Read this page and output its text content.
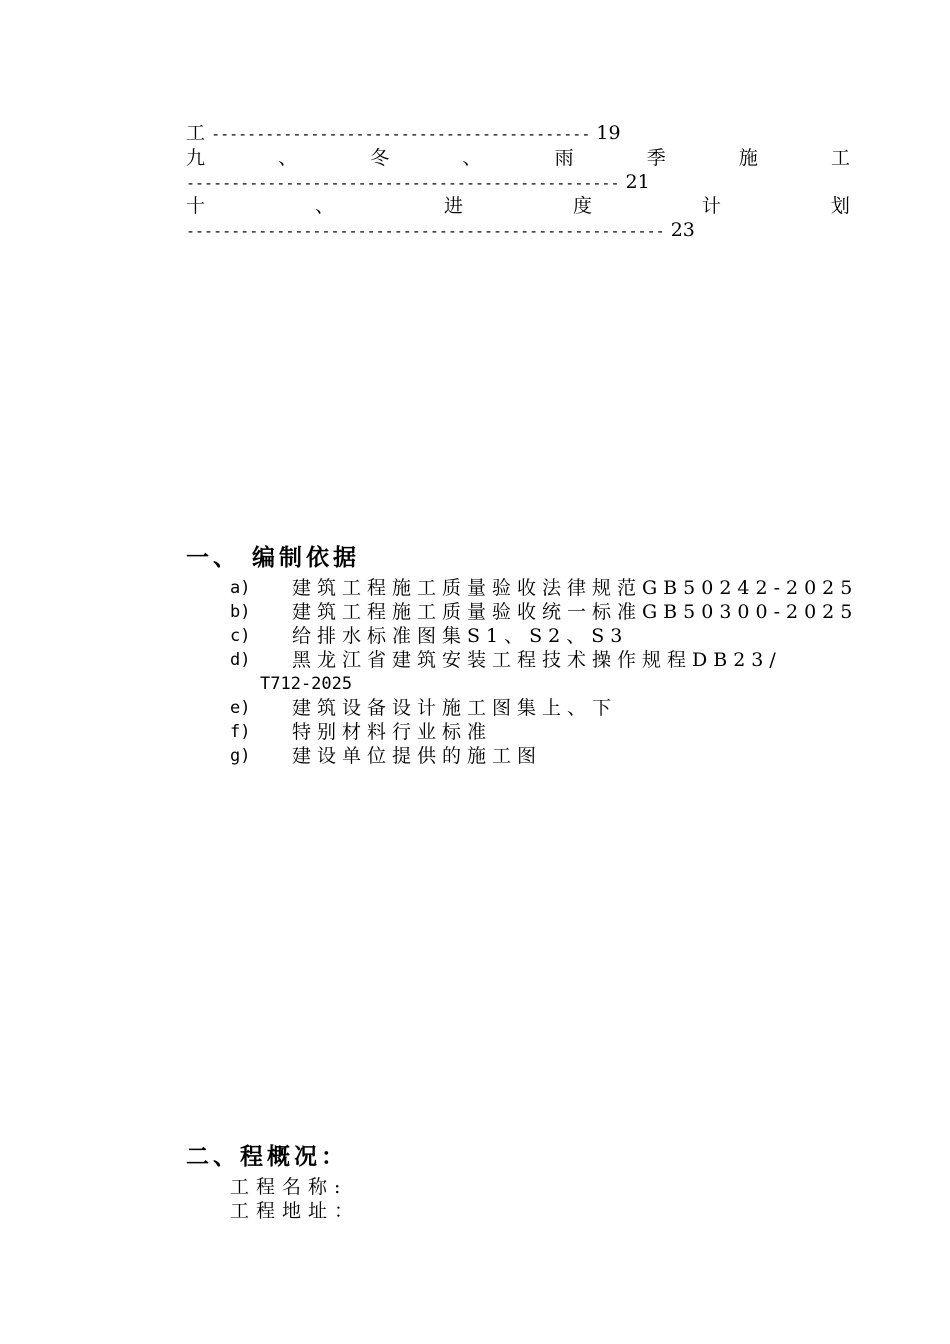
工 ------------------------------------------ 19
九	、	冬	、	雨	季	施	工
------------------------------------------------ 21
十	、	进	度	计	划
----------------------------------------------------- 23
一、 编制依据
a)	建筑工程施工质量验收法律规范GB50242-2025
b)	建筑工程施工质量验收统一标准GB50300-2025
c)	给排水标准图集S1、S2、S3
d)	黑龙江省建筑安装工程技术操作规程DB23/
T712-2025
e)	建筑设备设计施工图集上、下
f)	特别材料行业标准
g)	建设单位提供的施工图
二、程概况：
工程名称:
工程地址：
